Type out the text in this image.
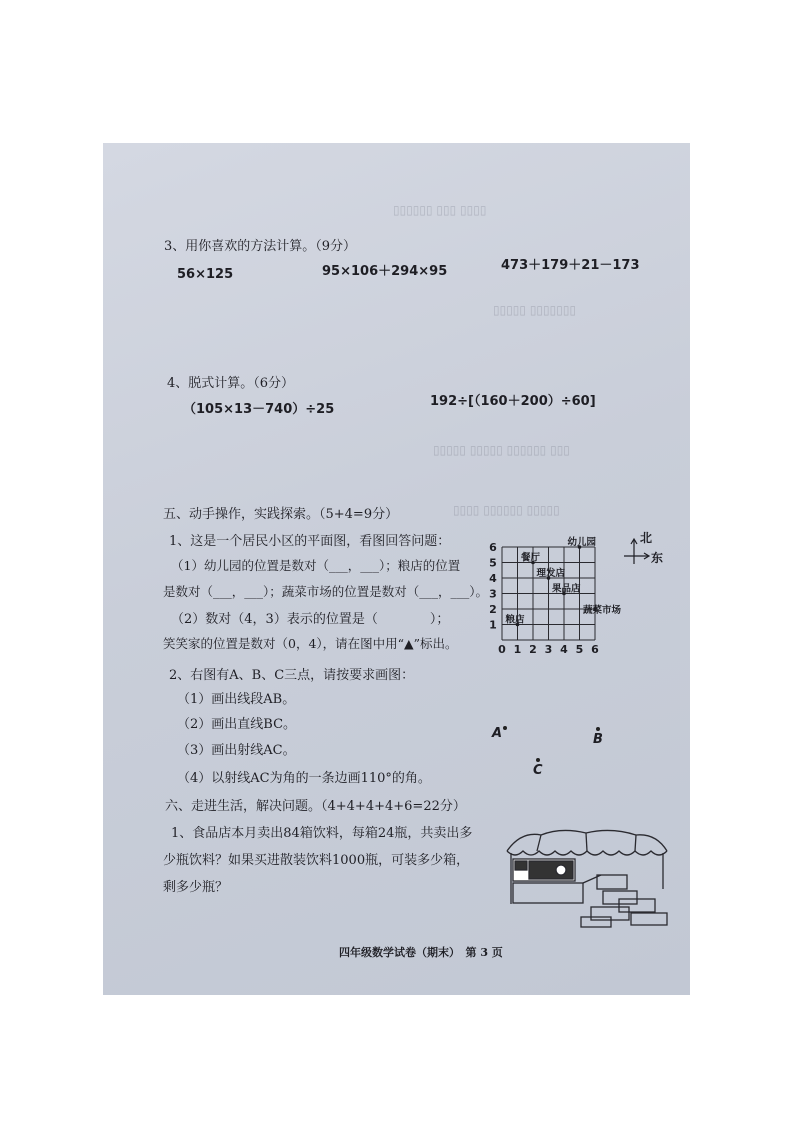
▯▯▯▯▯▯ ▯▯▯ ▯▯▯▯
▯▯▯▯▯ ▯▯▯▯▯▯▯
▯▯▯▯▯ ▯▯▯▯▯ ▯▯▯▯▯▯ ▯▯▯
▯▯▯▯ ▯▯▯▯▯▯ ▯▯▯▯▯
3、用你喜欢的方法计算。（9分）
56×125	95×106＋294×95	473＋179＋21－173
4、脱式计算。（6分）
（105×13－740）÷25
192÷[（160＋200）÷60]
五、动手操作，实践探索。（5+4=9分）
1、这是一个居民小区的平面图，看图回答问题：
（1）幼儿园的位置是数对（___，___）；粮店的位置
是数对（___，___）；蔬菜市场的位置是数对（___，___）。
（2）数对（4，3）表示的位置是（　　　　）；
笑笑家的位置是数对（0，4），请在图中用“▲”标出。	0 1 2 3 4 5 6
1
2
3
4
5
6	幼儿园
餐厅
理发店
果品店
蔬菜市场
粮店
北
东
2、右图有A、B、C三点，请按要求画图：
（1）画出线段AB。
（2）画出直线BC。
（3）画出射线AC。
（4）以射线AC为角的一条边画110°的角。
A	B
C
六、走进生活，解决问题。（4+4+4+4+6=22分）
1、食品店本月卖出84箱饮料，每箱24瓶，共卖出多
少瓶饮料？如果买进散装饮料1000瓶，可装多少箱，
剩多少瓶？
四年级数学试卷（期末）　第 3 页
